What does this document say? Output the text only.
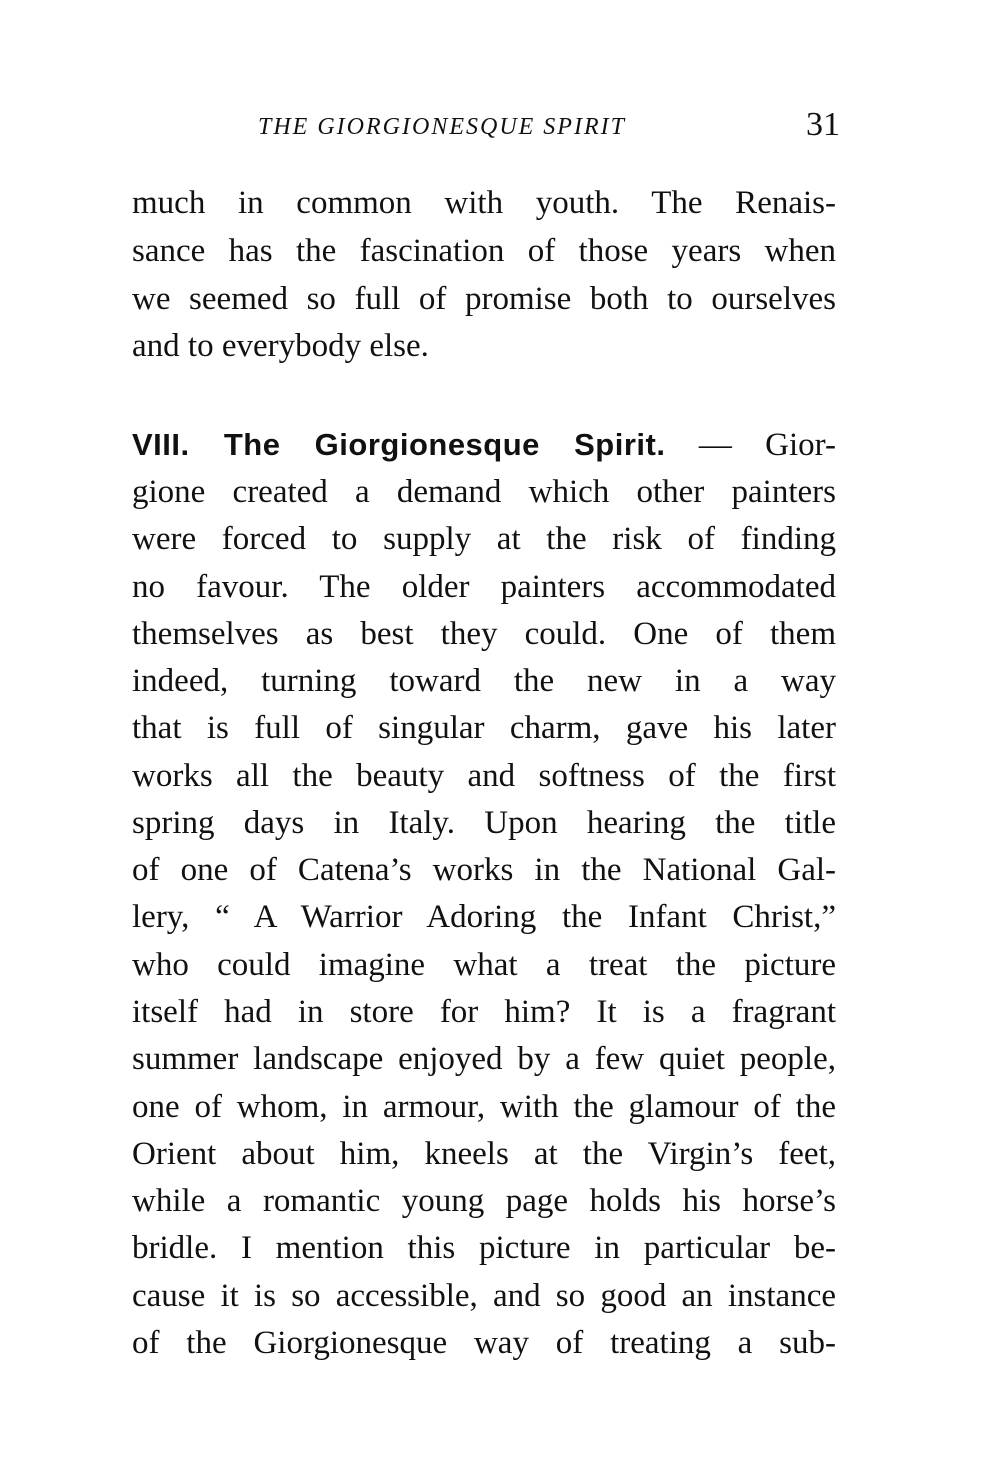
THE GIORGIONESQUE SPIRIT	31
much in common with youth. The Renais-
sance has the fascination of those years when
we seemed so full of promise both to ourselves
and to everybody else.
VIII. The Giorgionesque Spirit. — Gior-
gione created a demand which other painters
were forced to supply at the risk of finding
no favour. The older painters accommodated
themselves as best they could. One of them
indeed, turning toward the new in a way
that is full of singular charm, gave his later
works all the beauty and softness of the first
spring days in Italy. Upon hearing the title
of one of Catena’s works in the National Gal-
lery, “ A Warrior Adoring the Infant Christ,”
who could imagine what a treat the picture
itself had in store for him? It is a fragrant
summer landscape enjoyed by a few quiet people,
one of whom, in armour, with the glamour of the
Orient about him, kneels at the Virgin’s feet,
while a romantic young page holds his horse’s
bridle. I mention this picture in particular be-
cause it is so accessible, and so good an instance
of the Giorgionesque way of treating a sub-
